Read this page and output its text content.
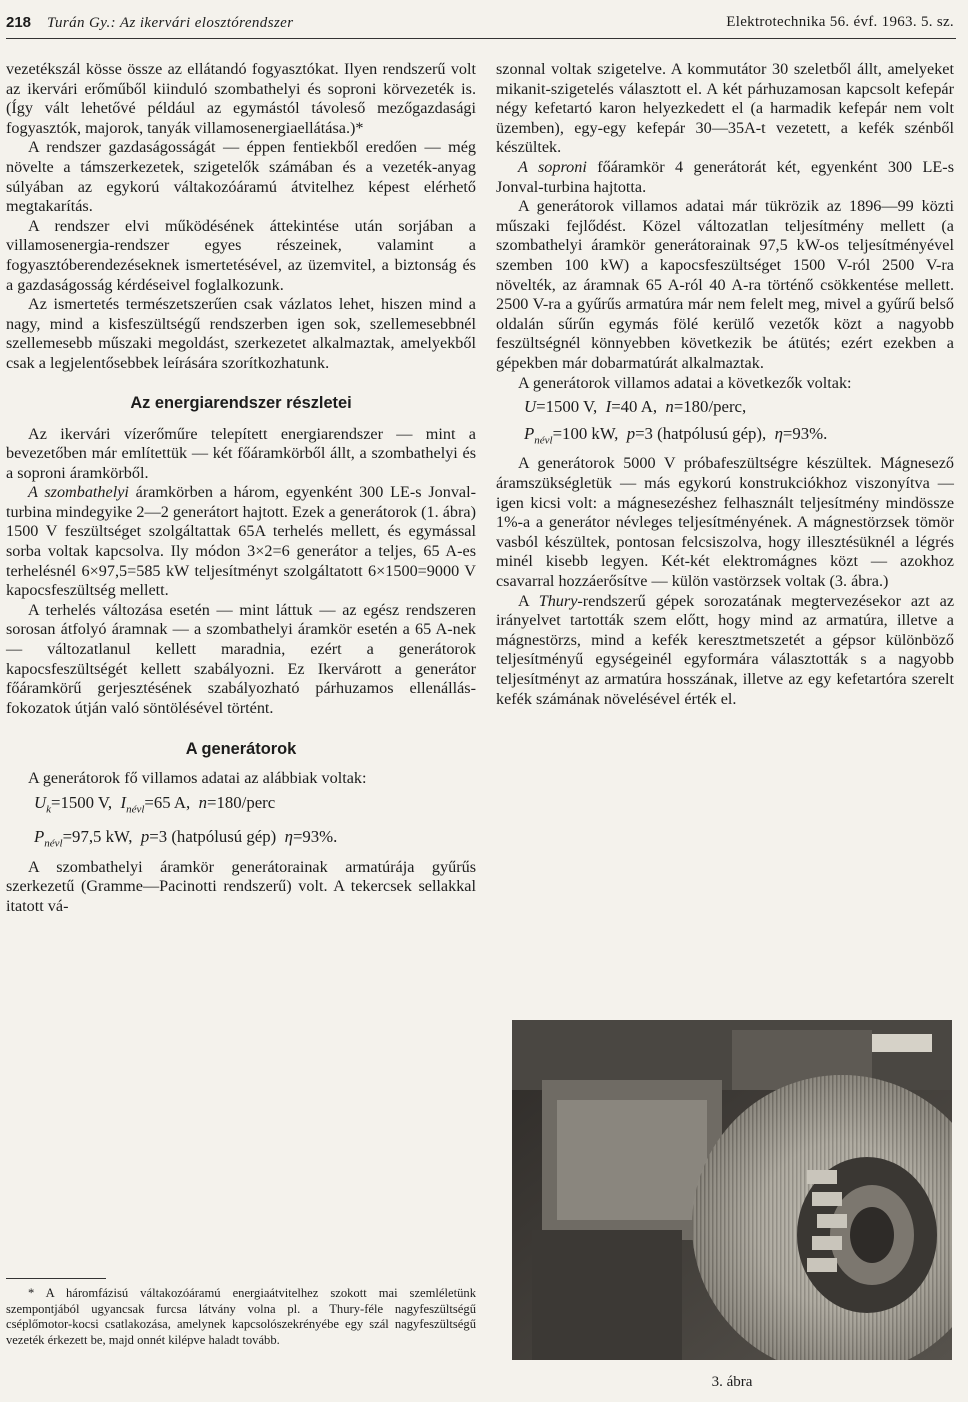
218 Turán Gy.: Az ikervári elosztórendszer	Elektrotechnika 56. évf. 1963. 5. sz.

vezetékszál kösse össze az ellátandó fogyasztókat. Ilyen rendszerű volt az ikervári erőműből kiinduló szombathelyi és soproni körvezeték is. (Így vált lehetővé például az egymástól távoleső mezőgazdasági fogyasztók, majorok, tanyák villamosenergiaellátása.)*

A rendszer gazdaságosságát — éppen fentiekből eredően — még növelte a támszerkezetek, szigetelők számában és a vezeték-anyag súlyában az egykorú váltakozóáramú átvitelhez képest elérhető megtakarítás.

A rendszer elvi működésének áttekintése után sorjában a villamosenergia-rendszer egyes részeinek, valamint a fogyasztóberendezéseknek ismertetésével, az üzemvitel, a biztonság és a gazdaságosság kérdéseivel foglalkozunk.

Az ismertetés természetszerűen csak vázlatos lehet, hiszen mind a nagy, mind a kisfeszültségű rendszerben igen sok, szellemesebbnél szellemesebb műszaki megoldást, szerkezetet alkalmaztak, amelyekből csak a legjelentősebbek leírására szorítkozhatunk.

Az energiarendszer részletei

Az ikervári vízerőműre telepített energiarendszer — mint a bevezetőben már említettük — két főáramkörből állt, a szombathelyi és a soproni áramkörből.

A szombathelyi áramkörben a három, egyenként 300 LE-s Jonval-turbina mindegyike 2—2 generátort hajtott. Ezek a generátorok (1. ábra) 1500 V feszültséget szolgáltattak 65A terhelés mellett, és egymással sorba voltak kapcsolva. Ily módon 3×2=6 generátor a teljes, 65 A-es terhelésnél 6×97,5=585 kW teljesítményt szolgáltatott 6×1500=9000 V kapocsfeszültség mellett.

A terhelés változása esetén — mint láttuk — az egész rendszeren sorosan átfolyó áramnak — a szombathelyi áramkör esetén a 65 A-nek — változatlanul kellett maradnia, ezért a generátorok kapocsfeszültségét kellett szabályozni. Ez Ikervárott a generátor főáramkörű gerjesztésének szabályozható párhuzamos ellenállás-fokozatok útján való söntölésével történt.

A generátorok

A generátorok fő villamos adatai az alábbiak voltak:

$U_k=1500$ V, $I_{névl}=65$ A, n=180/perc
$P_{névl}=97,5$ kW, p=3 (hatpólusú gép) η=93%.

A szombathelyi áramkör generátorainak armatúrája gyűrűs szerkezetű (Gramme—Pacinotti rendszerű) volt. A tekercsek sellakkal itatott vá-

* A háromfázisú váltakozóáramú energiaátvitelhez szokott mai szemléletünk szempontjából ugyancsak furcsa látvány volna pl. a Thury-féle nagyfeszültségű cséplőmotor-kocsi csatlakozása, amelynek kapcsolószekrényébe egy szál nagyfeszültségű vezeték érkezett be, majd onnét kilépve haladt tovább.

szonnal voltak szigetelve. A kommutátor 30 szeletből állt, amelyeket mikanit-szigetelés választott el. A két párhuzamosan kapcsolt kefepár négy kefetartó karon helyezkedett el (a harmadik kefepár nem volt üzemben), egy-egy kefepár 30—35A-t vezetett, a kefék szénből készültek.

A soproni főáramkör 4 generátorát két, egyenként 300 LE-s Jonval-turbina hajtotta.

A generátorok villamos adatai már tükrözik az 1896—99 közti műszaki fejlődést. Közel változatlan teljesítmény mellett (a szombathelyi áramkör generátorainak 97,5 kW-os teljesítményével szemben 100 kW) a kapocsfeszültséget 1500 V-ról 2500 V-ra növelték, az áramnak 65 A-ról 40 A-ra történő csökkentése mellett. 2500 V-ra a gyűrűs armatúra már nem felelt meg, mivel a gyűrű belső oldalán sűrűn egymás fölé kerülő vezetők közt a nagyobb feszültségnél könnyebben következik be átütés; ezért ezekben a gépekben már dobarmatúrát alkalmaztak.

A generátorok villamos adatai a következők voltak:

U=1500 V, I=40 A, n=180/perc,
$P_{névl}=100$ kW, p=3 (hatpólusú gép), η=93%.

A generátorok 5000 V próbafeszültségre készültek. Mágnesező áramszükségletük — más egykorú konstrukciókhoz viszonyítva — igen kicsi volt: a mágnesezéshez felhasznált teljesítmény mindössze 1%-a a generátor névleges teljesítményének. A mágnestörzsek tömör vasból készültek, pontosan felcsiszolva, hogy illesztésüknél a légrés minél kisebb legyen. Két-két elektromágnes közt — azokhoz csavarral hozzáerősítve — külön vastörzsek voltak (3. ábra.)

A Thury-rendszerű gépek sorozatának megtervezésekor azt az irányelvet tartották szem előtt, hogy mind az armatúra, illetve a mágnestörzs, mind a kefék keresztmetszetét a gépsor különböző teljesítményű egységeinél egyformára választották s a nagyobb teljesítményt az armatúra hosszának, illetve az egy kefetartóra szerelt kefék számának növelésével érték el.

3. ábra
